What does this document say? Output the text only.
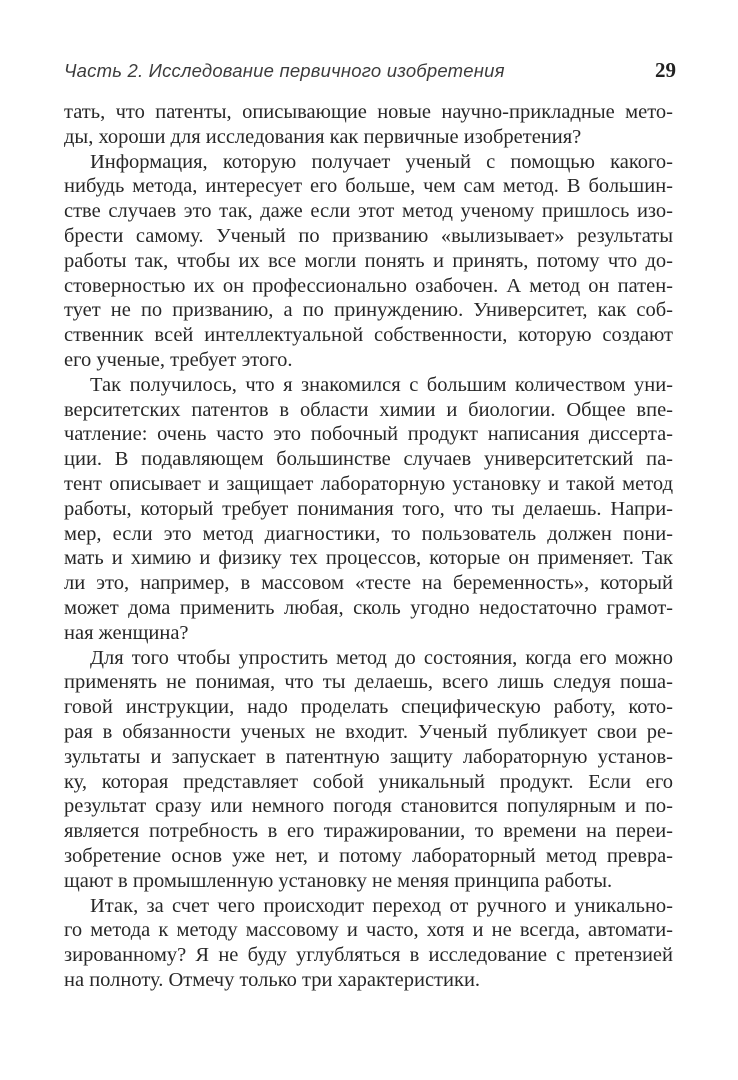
Часть 2. Исследование первичного изобретения	29
тать, что патенты, описывающие новые научно-прикладные мето-
ды, хороши для исследования как первичные изобретения?
Информация, которую получает ученый с помощью какого-
нибудь метода, интересует его больше, чем сам метод. В большин-
стве случаев это так, даже если этот метод ученому пришлось изо-
брести самому. Ученый по призванию «вылизывает» результаты
работы так, чтобы их все могли понять и принять, потому что до-
стоверностью их он профессионально озабочен. А метод он патен-
тует не по призванию, а по принуждению. Университет, как соб-
ственник всей интеллектуальной собственности, которую создают
его ученые, требует этого.
Так получилось, что я знакомился с большим количеством уни-
верситетских патентов в области химии и биологии. Общее впе-
чатление: очень часто это побочный продукт написания диссерта-
ции. В подавляющем большинстве случаев университетский па-
тент описывает и защищает лабораторную установку и такой метод
работы, который требует понимания того, что ты делаешь. Напри-
мер, если это метод диагностики, то пользователь должен пони-
мать и химию и физику тех процессов, которые он применяет. Так
ли это, например, в массовом «тесте на беременность», который
может дома применить любая, сколь угодно недостаточно грамот-
ная женщина?
Для того чтобы упростить метод до состояния, когда его можно
применять не понимая, что ты делаешь, всего лишь следуя поша-
говой инструкции, надо проделать специфическую работу, кото-
рая в обязанности ученых не входит. Ученый публикует свои ре-
зультаты и запускает в патентную защиту лабораторную установ-
ку, которая представляет собой уникальный продукт. Если его
результат сразу или немного погодя становится популярным и по-
является потребность в его тиражировании, то времени на переи-
зобретение основ уже нет, и потому лабораторный метод превра-
щают в промышленную установку не меняя принципа работы.
Итак, за счет чего происходит переход от ручного и уникально-
го метода к методу массовому и часто, хотя и не всегда, автомати-
зированному? Я не буду углубляться в исследование с претензией
на полноту. Отмечу только три характеристики.
